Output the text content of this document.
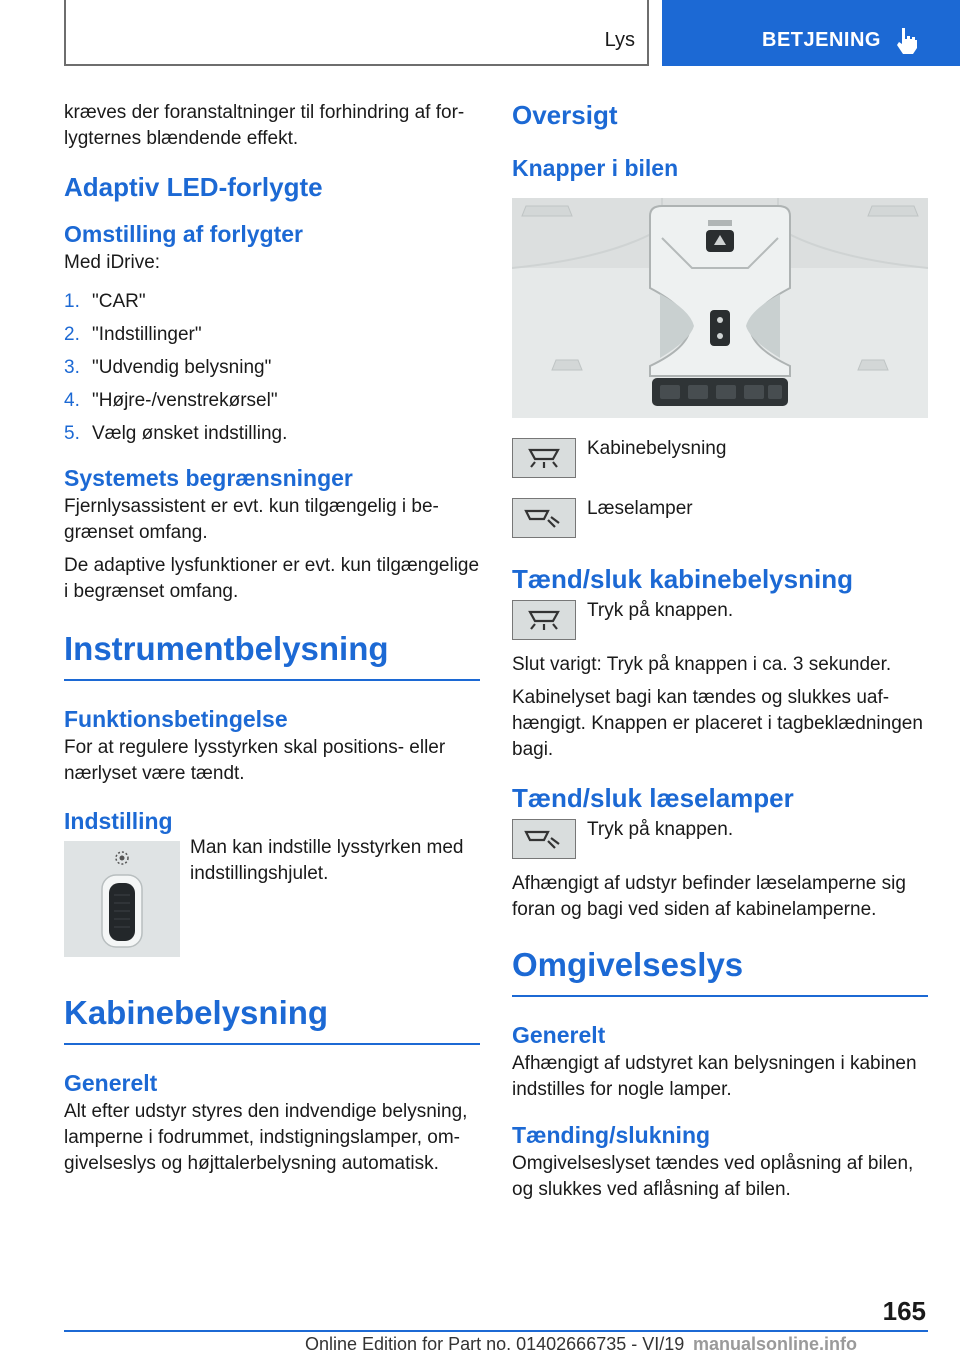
Lys	BETJENING

kræves der foranstaltninger til forhindring af for-lygternes blændende effekt.

Adaptiv LED-forlygte
Omstilling af forlygter

Med iDrive:

1. "CAR"
2. "Indstillinger"
3. "Udvendig belysning"
4. "Højre-/venstrekørsel"
5. Vælg ønsket indstilling.
Systemets begrænsninger

Fjernlysassistent er evt. kun tilgængelig i be-grænset omfang.

De adaptive lysfunktioner er evt. kun tilgængelige i begrænset omfang.

Instrumentbelysning
Funktionsbetingelse

For at regulere lysstyrken skal positions- eller nærlyset være tændt.

Indstilling

Man kan indstille lysstyrken med indstillingshjulet.

Kabinebelysning
Generelt

Alt efter udstyr styres den indvendige belysning, lamperne i fodrummet, indstigningslamper, om-givelseslys og højttalerbelysning automatisk.

Oversigt
Knapper i bilen
Kabinebelysning
Læselamper
Tænd/sluk kabinebelysning
Tryk på knappen.

Slut varigt: Tryk på knappen i ca. 3 sekunder.

Kabinelyset bagi kan tændes og slukkes uaf-hængigt. Knappen er placeret i tagbeklædningen bagi.

Tænd/sluk læselamper
Tryk på knappen.

Afhængigt af udstyr befinder læselamperne sig foran og bagi ved siden af kabinelamperne.

Omgivelseslys
Generelt

Afhængigt af udstyret kan belysningen i kabinen indstilles for nogle lamper.

Tænding/slukning

Omgivelseslyset tændes ved oplåsning af bilen, og slukkes ved aflåsning af bilen.

165
Online Edition for Part no. 01402666735 - VI/19 manualsonline.info
